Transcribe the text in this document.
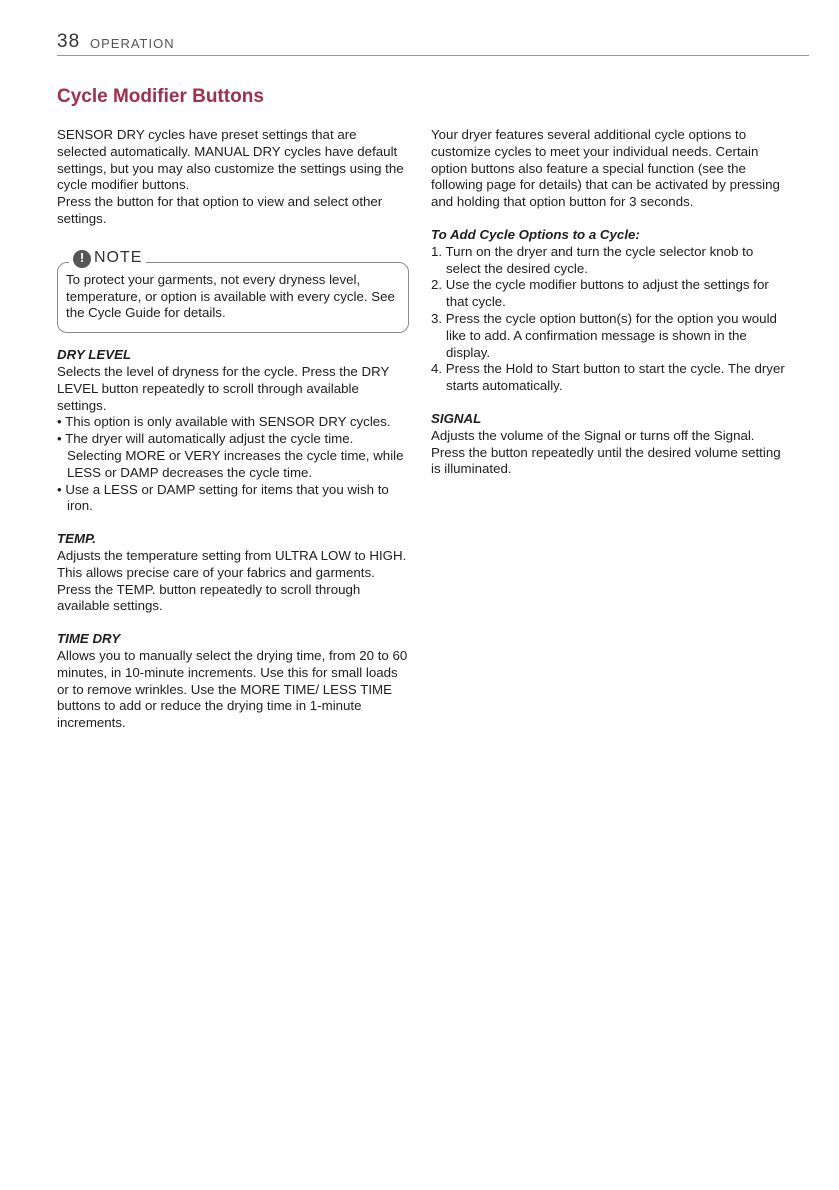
38 OPERATION
Cycle Modifier Buttons

SENSOR DRY cycles have preset settings that are selected automatically. MANUAL DRY cycles have default settings, but you may also customize the settings using the cycle modifier buttons.

Press the button for that option to view and select other settings.

! NOTE

To protect your garments, not every dryness level, temperature, or option is available with every cycle. See the Cycle Guide for details.

DRY LEVEL

Selects the level of dryness for the cycle. Press the DRY LEVEL button repeatedly to scroll through available settings.

• This option is only available with SENSOR DRY cycles.

• The dryer will automatically adjust the cycle time. Selecting MORE or VERY increases the cycle time, while LESS or DAMP decreases the cycle time.

• Use a LESS or DAMP setting for items that you wish to iron.

TEMP.

Adjusts the temperature setting from ULTRA LOW to HIGH. This allows precise care of your fabrics and garments. Press the TEMP. button repeatedly to scroll through available settings.

TIME DRY

Allows you to manually select the drying time, from 20 to 60 minutes, in 10-minute increments. Use this for small loads or to remove wrinkles. Use the MORE TIME/ LESS TIME buttons to add or reduce the drying time in 1-minute increments.

Your dryer features several additional cycle options to customize cycles to meet your individual needs. Certain option buttons also feature a special function (see the following page for details) that can be activated by pressing and holding that option button for 3 seconds.

To Add Cycle Options to a Cycle:

1. Turn on the dryer and turn the cycle selector knob to select the desired cycle.
2. Use the cycle modifier buttons to adjust the settings for that cycle.
3. Press the cycle option button(s) for the option you would like to add. A confirmation message is shown in the display.
4. Press the Hold to Start button to start the cycle. The dryer starts automatically.

SIGNAL

Adjusts the volume of the Signal or turns off the Signal. Press the button repeatedly until the desired volume setting is illuminated.
